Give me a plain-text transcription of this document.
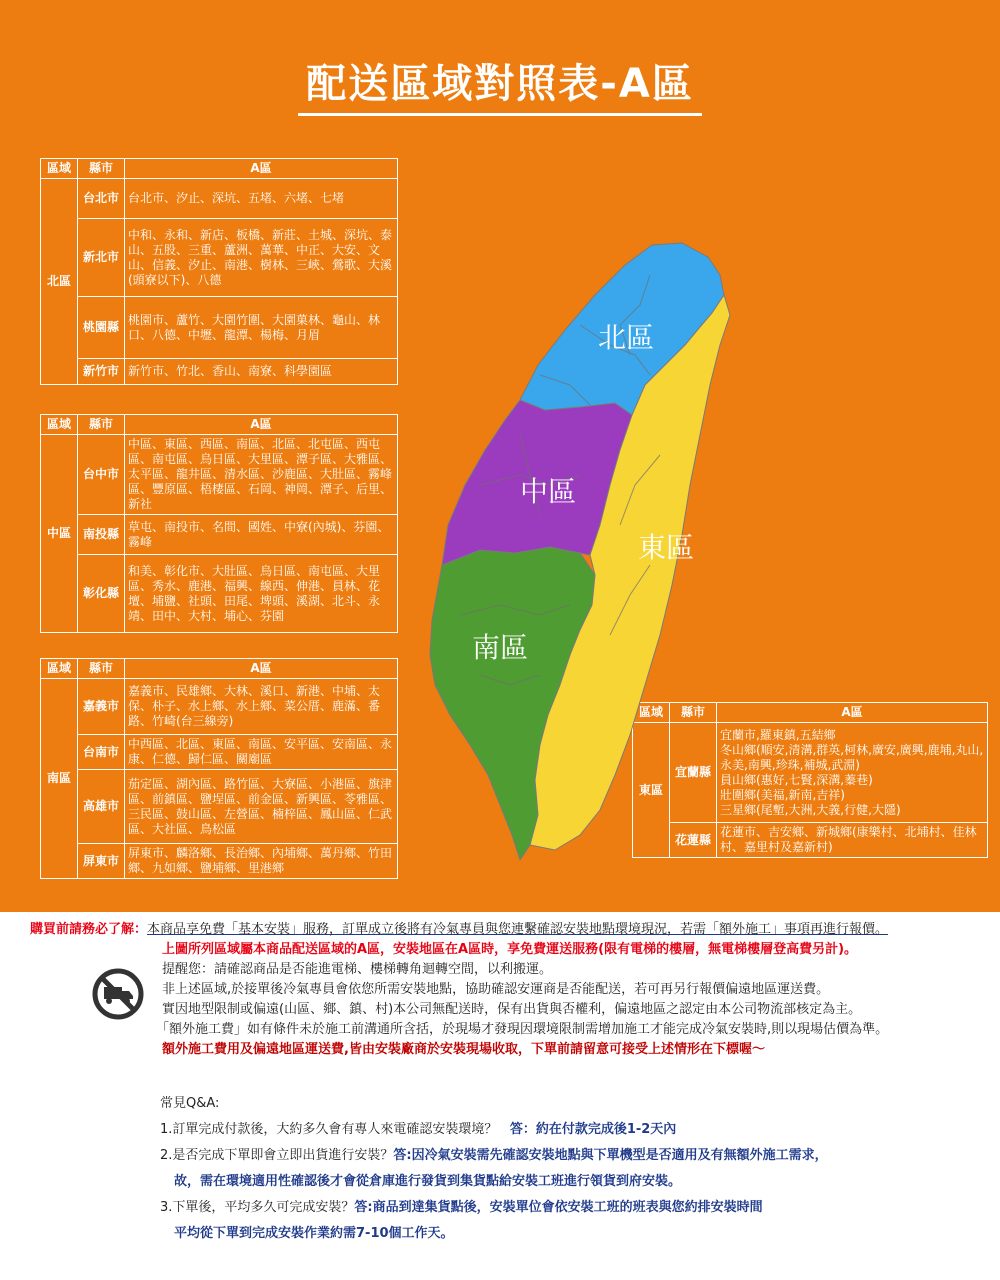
配送區域對照表-A區
區域	縣市	A區
北區	台北市	台北市、汐止、深坑、五堵、六堵、七堵
	新北市	中和、永和、新店、板橋、新莊、土城、深坑、泰山、五股、三重、蘆洲、萬華、中正、大安、文山、信義、汐止、南港、樹林、三峽、鶯歌、大溪(頭寮以下)、八德
	桃園縣	桃園市、蘆竹、大園竹圍、大園菓林、龜山、林口、八德、中壢、龍潭、楊梅、月眉
	新竹市	新竹市、竹北、香山、南寮、科學園區
區域	縣市	A區
中區	台中市	中區、東區、西區、南區、北區、北屯區、西屯區、南屯區、烏日區、大里區、潭子區、大雅區、太平區、龍井區、清水區、沙鹿區、大肚區、霧峰區、豐原區、梧棲區、石岡、神岡、潭子、后里、新社
	南投縣	草屯、南投市、名間、國姓、中寮(內城)、芬園、霧峰
	彰化縣	和美、彰化市、大肚區、烏日區、南屯區、大里區、秀水、鹿港、福興、線西、伸港、員林、花壇、埔鹽、社頭、田尾、埤頭、溪湖、北斗、永靖、田中、大村、埔心、芬園
區域	縣市	A區
南區	嘉義市	嘉義市、民雄鄉、大林、溪口、新港、中埔、太保、朴子、水上鄉、水上鄉、菜公厝、鹿滿、番路、竹崎(台三線旁)
	台南市	中西區、北區、東區、南區、安平區、安南區、永康、仁德、歸仁區、關廟區
	高雄市	茄定區、湖內區、路竹區、大寮區、小港區、旗津區、前鎮區、鹽埕區、前金區、新興區、苓雅區、三民區、鼓山區、左營區、楠梓區、鳳山區、仁武區、大社區、鳥松區
	屏東市	屏東市、麟洛鄉、長治鄉、內埔鄉、萬丹鄉、竹田鄉、九如鄉、鹽埔鄉、里港鄉
區域	縣市	A區
東區	宜蘭縣	宜蘭市,羅東鎮,五結鄉
冬山鄉(順安,清溝,群英,柯林,廣安,廣興,鹿埔,丸山,永美,南興,珍珠,補城,武淵)
員山鄉(惠好,七賢,深溝,蓁巷)
壯圍鄉(美福,新南,吉祥)
三星鄉(尾塹,大洲,大義,行健,大隱)

	花蓮縣	花蓮市、吉安鄉、新城鄉(康樂村、北埔村、佳林村、嘉里村及嘉新村)
北區
中區
東區
南區

購買前請務必了解：本商品享免費「基本安裝」服務，訂單成立後將有冷氣專員與您連繫確認安裝地點環境現況，若需「額外施工」事項再進行報價。

上圖所列區域屬本商品配送區域的A區，安裝地區在A區時，享免費運送服務(限有電梯的樓層，無電梯樓層登高費另計)。

提醒您：請確認商品是否能進電梯、樓梯轉角迴轉空間，以利搬運。

非上述區域,於接單後冷氣專員會依您所需安裝地點，協助確認安運商是否能配送，若可再另行報價偏遠地區運送費。

實因地型限制或偏遠(山區、鄉、鎮、村)本公司無配送時，保有出貨與否權利，偏遠地區之認定由本公司物流部核定為主。

「額外施工費」如有條件未於施工前溝通所含括，於現場才發現因環境限制需增加施工才能完成冷氣安裝時,則以現場估價為準。

額外施工費用及偏遠地區運送費,皆由安裝廠商於安裝現場收取，下單前請留意可接受上述情形在下標喔～

常見Q&A:

1.訂單完成付款後，大約多久會有專人來電確認安裝環境？ 答：約在付款完成後1-2天內

2.是否完成下單即會立即出貨進行安裝？答:因冷氣安裝需先確認安裝地點與下單機型是否適用及有無額外施工需求，

故，需在環境適用性確認後才會從倉庫進行發貨到集貨點給安裝工班進行領貨到府安裝。

3.下單後，平均多久可完成安裝？答:商品到達集貨點後，安裝單位會依安裝工班的班表與您約排安裝時間

平均從下單到完成安裝作業約需7-10個工作天。
